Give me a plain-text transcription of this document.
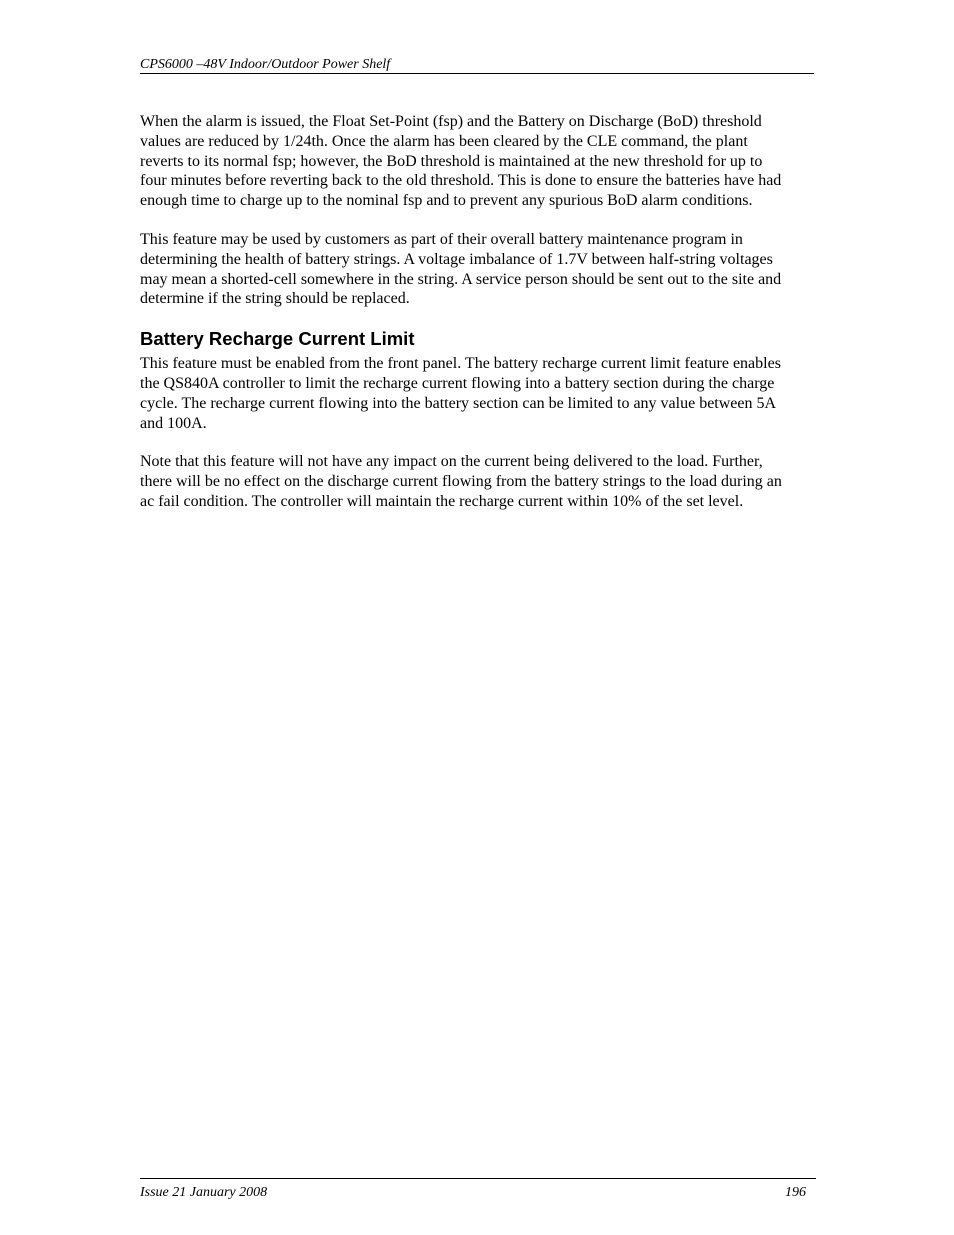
CPS6000 –48V Indoor/Outdoor Power Shelf

When the alarm is issued, the Float Set-Point (fsp) and the Battery on Discharge (BoD) threshold values are reduced by 1/24th. Once the alarm has been cleared by the CLE command, the plant reverts to its normal fsp; however, the BoD threshold is maintained at the new threshold for up to four minutes before reverting back to the old threshold. This is done to ensure the batteries have had enough time to charge up to the nominal fsp and to prevent any spurious BoD alarm conditions.

This feature may be used by customers as part of their overall battery maintenance program in determining the health of battery strings. A voltage imbalance of 1.7V between half-string voltages may mean a shorted-cell somewhere in the string. A service person should be sent out to the site and determine if the string should be replaced.

Battery Recharge Current Limit

This feature must be enabled from the front panel. The battery recharge current limit feature enables the QS840A controller to limit the recharge current flowing into a battery section during the charge cycle. The recharge current flowing into the battery section can be limited to any value between 5A and 100A.

Note that this feature will not have any impact on the current being delivered to the load. Further, there will be no effect on the discharge current flowing from the battery strings to the load during an ac fail condition. The controller will maintain the recharge current within 10% of the set level.

Issue 21 January 2008	196
